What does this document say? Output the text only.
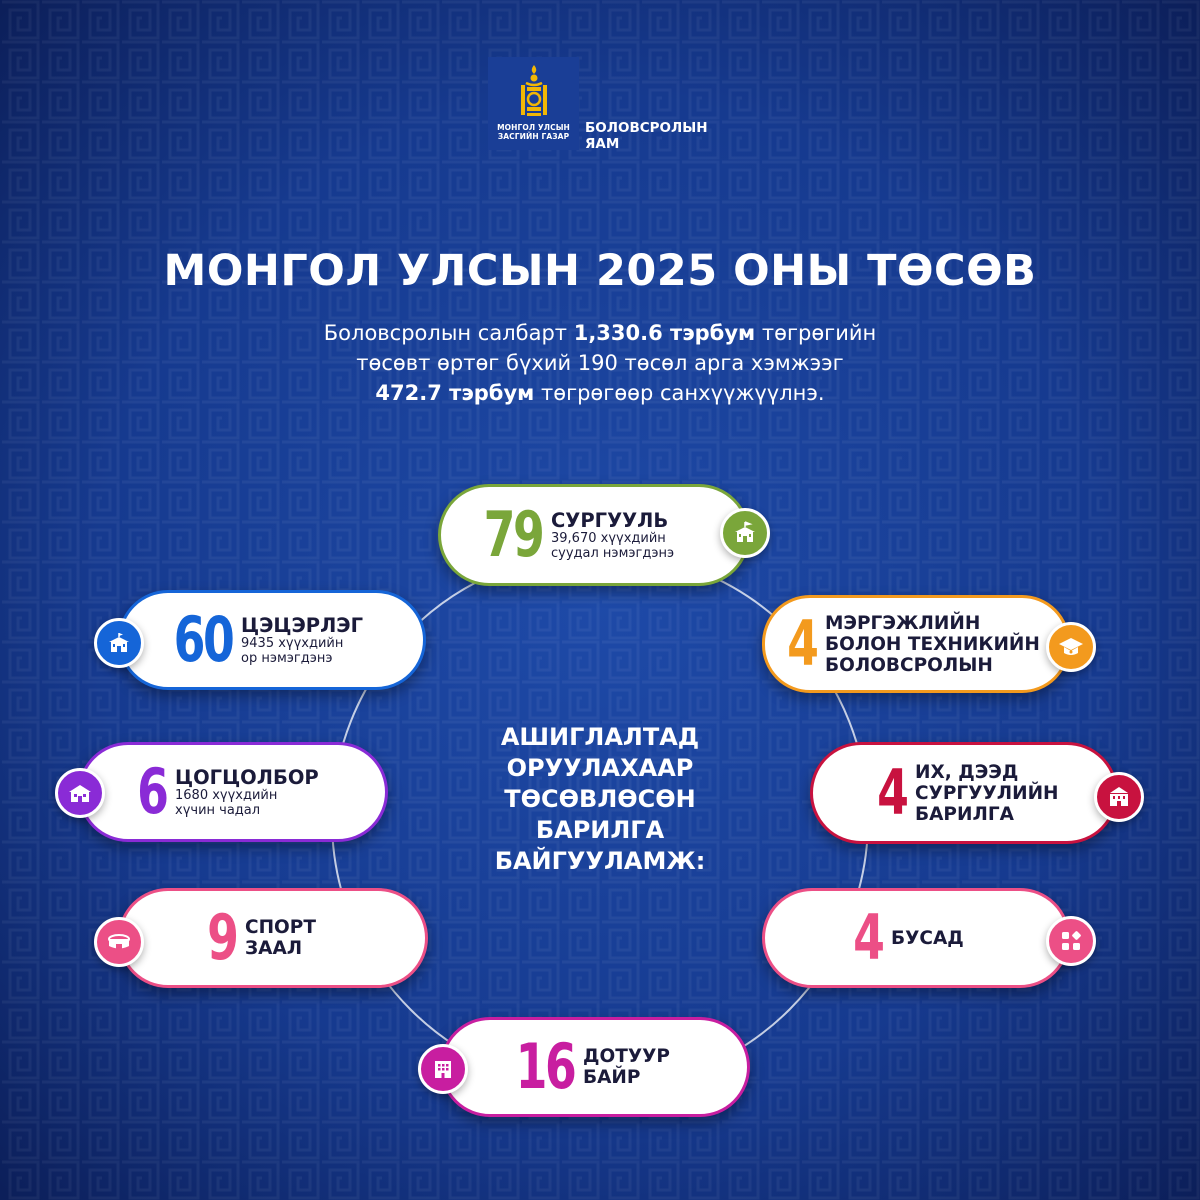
МОНГОЛ УЛСЫН
ЗАСГИЙН ГАЗАР
БОЛОВСРОЛЫН
ЯАМ
МОНГОЛ УЛСЫН 2025 ОНЫ ТӨСӨВ
Боловсролын салбарт 1,330.6 тэрбум төгрөгийн
төсөвт өртөг бүхий 190 төсөл арга хэмжээг
472.7 тэрбум төгрөгөөр санхүүжүүлнэ.
АШИГЛАЛТАД
ОРУУЛАХААР
ТӨСӨВЛӨСӨН
БАРИЛГА
БАЙГУУЛАМЖ:
79 СУРГУУЛЬ
39,670 хүүхдийн
суудал нэмэгдэнэ
4 МЭРГЭЖЛИЙН
БОЛОН ТЕХНИКИЙН
БОЛОВСРОЛЫН
4 ИХ, ДЭЭД
СУРГУУЛИЙН
БАРИЛГА
4 БУСАД
16 ДОТУУР
БАЙР
9 СПОРТ
ЗААЛ
6 ЦОГЦОЛБОР
1680 хүүхдийн
хүчин чадал
60 ЦЭЦЭРЛЭГ
9435 хүүхдийн
ор нэмэгдэнэ
